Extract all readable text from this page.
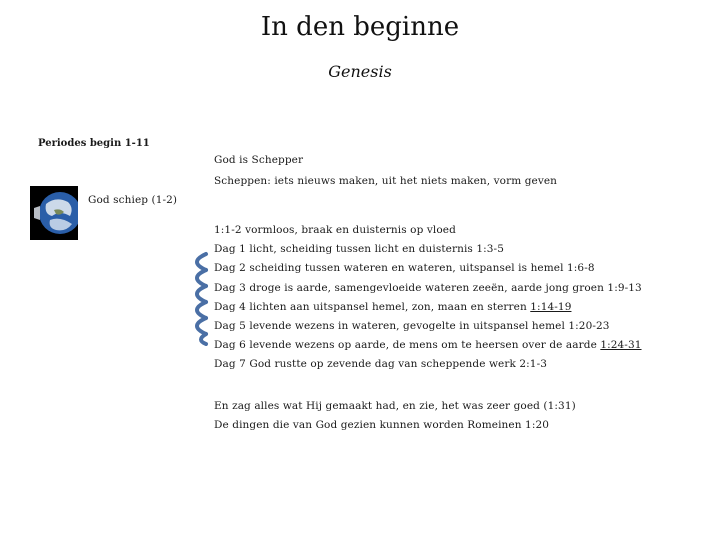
In den beginne
Genesis
Periodes begin 1-11
God is Schepper
Scheppen: iets nieuws maken, uit het niets maken, vorm geven
God schiep (1-2)
1:1-2 vormloos, braak en duisternis op vloed
Dag 1 licht, scheiding tussen licht en duisternis 1:3-5
Dag 2 scheiding tussen wateren en wateren, uitspansel is hemel 1:6-8
Dag 3 droge is aarde, samengevloeide wateren zeeën, aarde jong groen 1:9-13
Dag 4 lichten aan uitspansel hemel, zon, maan en sterren 1:14-19
Dag 5 levende wezens in wateren, gevogelte in uitspansel hemel 1:20-23
Dag 6 levende wezens op aarde, de mens om te heersen over de aarde 1:24-31
Dag 7 God rustte op zevende dag van scheppende werk 2:1-3
En zag alles wat Hij gemaakt had, en zie, het was zeer goed (1:31)
De dingen die van God gezien kunnen worden Romeinen 1:20
